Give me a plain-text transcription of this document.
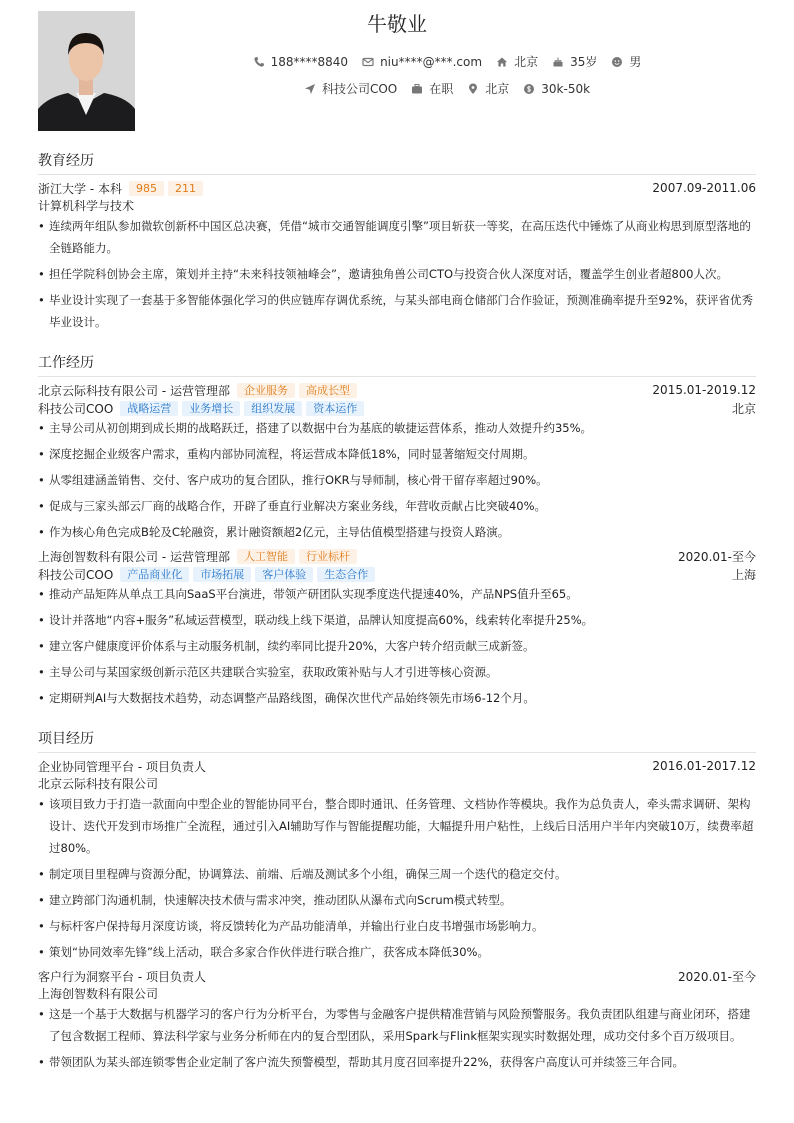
牛敬业
188****8840	niu****@***.com	北京	35岁	男
科技公司COO	在职	北京	30k-50k
教育经历
浙江大学 - 本科	985	211	2007.09-2011.06
计算机科学与技术
• 连续两年组队参加微软创新杯中国区总决赛，凭借“城市交通智能调度引擎”项目斩获一等奖，在高压迭代中锤炼了从商业构思到原型落地的全链路能力。
• 担任学院科创协会主席，策划并主持“未来科技领袖峰会”，邀请独角兽公司CTO与投资合伙人深度对话，覆盖学生创业者超800人次。
• 毕业设计实现了一套基于多智能体强化学习的供应链库存调优系统，与某头部电商仓储部门合作验证，预测准确率提升至92%，获评省优秀毕业设计。
工作经历
北京云际科技有限公司 - 运营管理部	企业服务	高成长型	2015.01-2019.12
科技公司COO	战略运营	业务增长	组织发展	资本运作	北京
• 主导公司从初创期到成长期的战略跃迁，搭建了以数据中台为基底的敏捷运营体系，推动人效提升约35%。
• 深度挖掘企业级客户需求，重构内部协同流程，将运营成本降低18%，同时显著缩短交付周期。
• 从零组建涵盖销售、交付、客户成功的复合团队，推行OKR与导师制，核心骨干留存率超过90%。
• 促成与三家头部云厂商的战略合作，开辟了垂直行业解决方案业务线，年营收贡献占比突破40%。
• 作为核心角色完成B轮及C轮融资，累计融资额超2亿元，主导估值模型搭建与投资人路演。
上海创智数科有限公司 - 运营管理部	人工智能	行业标杆	2020.01-至今
科技公司COO	产品商业化	市场拓展	客户体验	生态合作	上海
• 推动产品矩阵从单点工具向SaaS平台演进，带领产研团队实现季度迭代提速40%，产品NPS值升至65。
• 设计并落地“内容+服务”私域运营模型，联动线上线下渠道，品牌认知度提高60%，线索转化率提升25%。
• 建立客户健康度评价体系与主动服务机制，续约率同比提升20%，大客户转介绍贡献三成新签。
• 主导公司与某国家级创新示范区共建联合实验室，获取政策补贴与人才引进等核心资源。
• 定期研判AI与大数据技术趋势，动态调整产品路线图，确保次世代产品始终领先市场6-12个月。
项目经历
企业协同管理平台 - 项目负责人	2016.01-2017.12
北京云际科技有限公司
• 该项目致力于打造一款面向中型企业的智能协同平台，整合即时通讯、任务管理、文档协作等模块。我作为总负责人，牵头需求调研、架构设计、迭代开发到市场推广全流程，通过引入AI辅助写作与智能提醒功能，大幅提升用户粘性，上线后日活用户半年内突破10万，续费率超过80%。
• 制定项目里程碑与资源分配，协调算法、前端、后端及测试多个小组，确保三周一个迭代的稳定交付。
• 建立跨部门沟通机制，快速解决技术债与需求冲突，推动团队从瀑布式向Scrum模式转型。
• 与标杆客户保持每月深度访谈，将反馈转化为产品功能清单，并输出行业白皮书增强市场影响力。
• 策划“协同效率先锋”线上活动，联合多家合作伙伴进行联合推广，获客成本降低30%。
客户行为洞察平台 - 项目负责人	2020.01-至今
上海创智数科有限公司
• 这是一个基于大数据与机器学习的客户行为分析平台，为零售与金融客户提供精准营销与风险预警服务。我负责团队组建与商业闭环，搭建了包含数据工程师、算法科学家与业务分析师在内的复合型团队，采用Spark与Flink框架实现实时数据处理，成功交付多个百万级项目。
• 带领团队为某头部连锁零售企业定制了客户流失预警模型，帮助其月度召回率提升22%，获得客户高度认可并续签三年合同。
